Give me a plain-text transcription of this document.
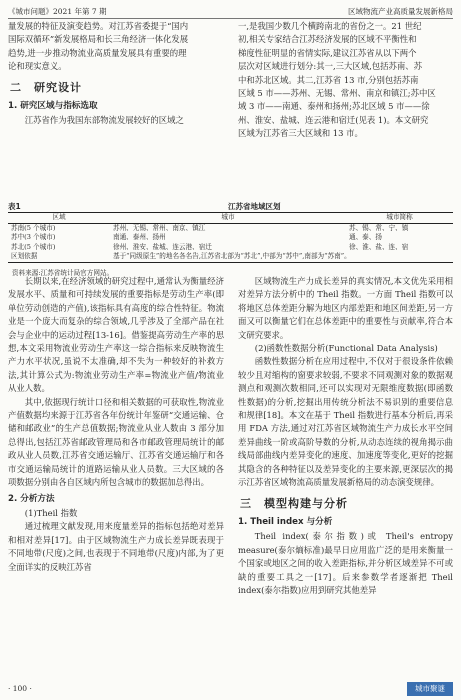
《城市问题》2021 年第 7 期	区域物流产业高质量发展新格局

量发展的特征及演变趋势。对江苏省委提于“国内

国际双循环”新发展格局和长三角经济一体化发展

趋势,进一步推动物流业高质量发展具有重要的理

论和现实意义。

二　研究设计
1. 研究区域与指标选取

江苏省作为我国东部物流发展较好的区域之

一,是我国少数几个横跨南北的省份之一。21 世纪

初,相关专家结合江苏经济发展的区域不平衡性和

梯度性征明显的省情实际,建议江苏省从以下两个

层次对区域进行划分:其一,三大区域,包括苏南、苏

中和苏北区域。其二,江苏省 13 市,分别包括苏南

区域 5 市——苏州、无锡、常州、南京和镇江;苏中区

域 3 市——南通、泰州和扬州;苏北区域 5 市——徐

州、淮安、盐城、连云港和宿迁(见表 1)。本文研究

区域为江苏省三大区域和 13 市。

表1	江苏省地域区划
区域	城市	城市简称
苏南(5 个城市)	苏州、无锡、常州、南京、镇江	苏、锡、常、宁、镇
苏中(3 个城市)	南通、泰州、扬州	通、泰、扬
苏北(5 个城市)	徐州、淮安、盐城、连云港、宿迁	徐、淮、盐、连、宿
区划依据	基于“同级原生”的地名各名告,江苏省北部为“苏北”,中部为“苏中”,南部为“苏南”。	
资料来源:江苏省统计局官方网站。

长期以来,在经济领域的研究过程中,通常认为衡量经济发展水平、质量和可持续发展的重要指标是劳动生产率(即单位劳动创造的产值),该指标具有高度的综合性特征。物流业是一个庞大而复杂的综合领域,几乎涉及了全部产品在社会与企业中的运动过程[13-16]。借鉴提高劳动生产率的思想,本文采用物流业劳动生产率这一综合指标来反映物流生产力水平状况,虽说不太准确,却不失为一种较好的补救方法,其计算公式为:物流业劳动生产率=物流业产值/物流业从业人数。

其中,依据现行统计口径和相关数据的可获取性,物流业产值数据均来源于江苏省各年份统计年鉴研“交通运输、仓储和邮政业”的生产总值数据;物流业从业人数由 3 部分加总得出,包括江苏省邮政管理局和各市邮政管理局统计的邮政从业人员数,江苏省交通运输厅、江苏省交通运输厅和各市交通运输局统计的道路运输从业人员数。三大区域的各项数据分别由各自区域内所包含城市的数据加总得出。

2. 分析方法

(1)Theil 指数

通过梳理文献发现,用来度量差异的指标包括绝对差异和相对差异[17]。由于区域物流生产力成长差异既表现于不同地带(尺度)之间,也表现于不同地带(尺度)内部,为了更全面详实的反映江苏省

区域物流生产力成长差异的真实情况,本文优先采用相对差异方法分析中的 Theil 指数。一方面 Theil 指数可以将地区总体差距分解为地区内部差距和地区间差距,另一方面又可以衡量它们在总体差距中的重要性与贡献率,符合本文研究要求。

(2)函数性数据分析(Functional Data Analysis)

函数性数据分析在应用过程中,不仅对于很设条件依赖较少且对缩构的窗要求较弱,不要求不同观测对象的数据观测点和观测次数相同,还可以实现对无限维度数据(即函数性数据)的分析,挖掘出用传统分析法不易识别的重要信息和规律[18]。本文在基于 Theil 指数进行基本分析后,再采用 FDA 方法,通过对江苏省区域物流生产力成长水平空间差异曲线一阶或高阶导数的分析,从动态连续的视角揭示曲线局部曲线内差异变化的速度、加速度等变化,更好的挖掘其隐含的各种特征以及差异变化的主要来源,更深层次的揭示江苏省区域物流高质量发展新格局的动态演变规律。

三　模型构建与分析
1. Theil index 与分析

Theil index(泰尔指数)或 Theil's entropy measure(泰尔熵标准)最早日应用监广泛的是用来衡量一个国家或地区之间的收入差距指标,并分析区域差异不可或缺的重要工具之一[17]。后来参数学者逐渐把 Theil index(泰尔指数)应用到研究其他差异

· 100 ·	城市聚谜
